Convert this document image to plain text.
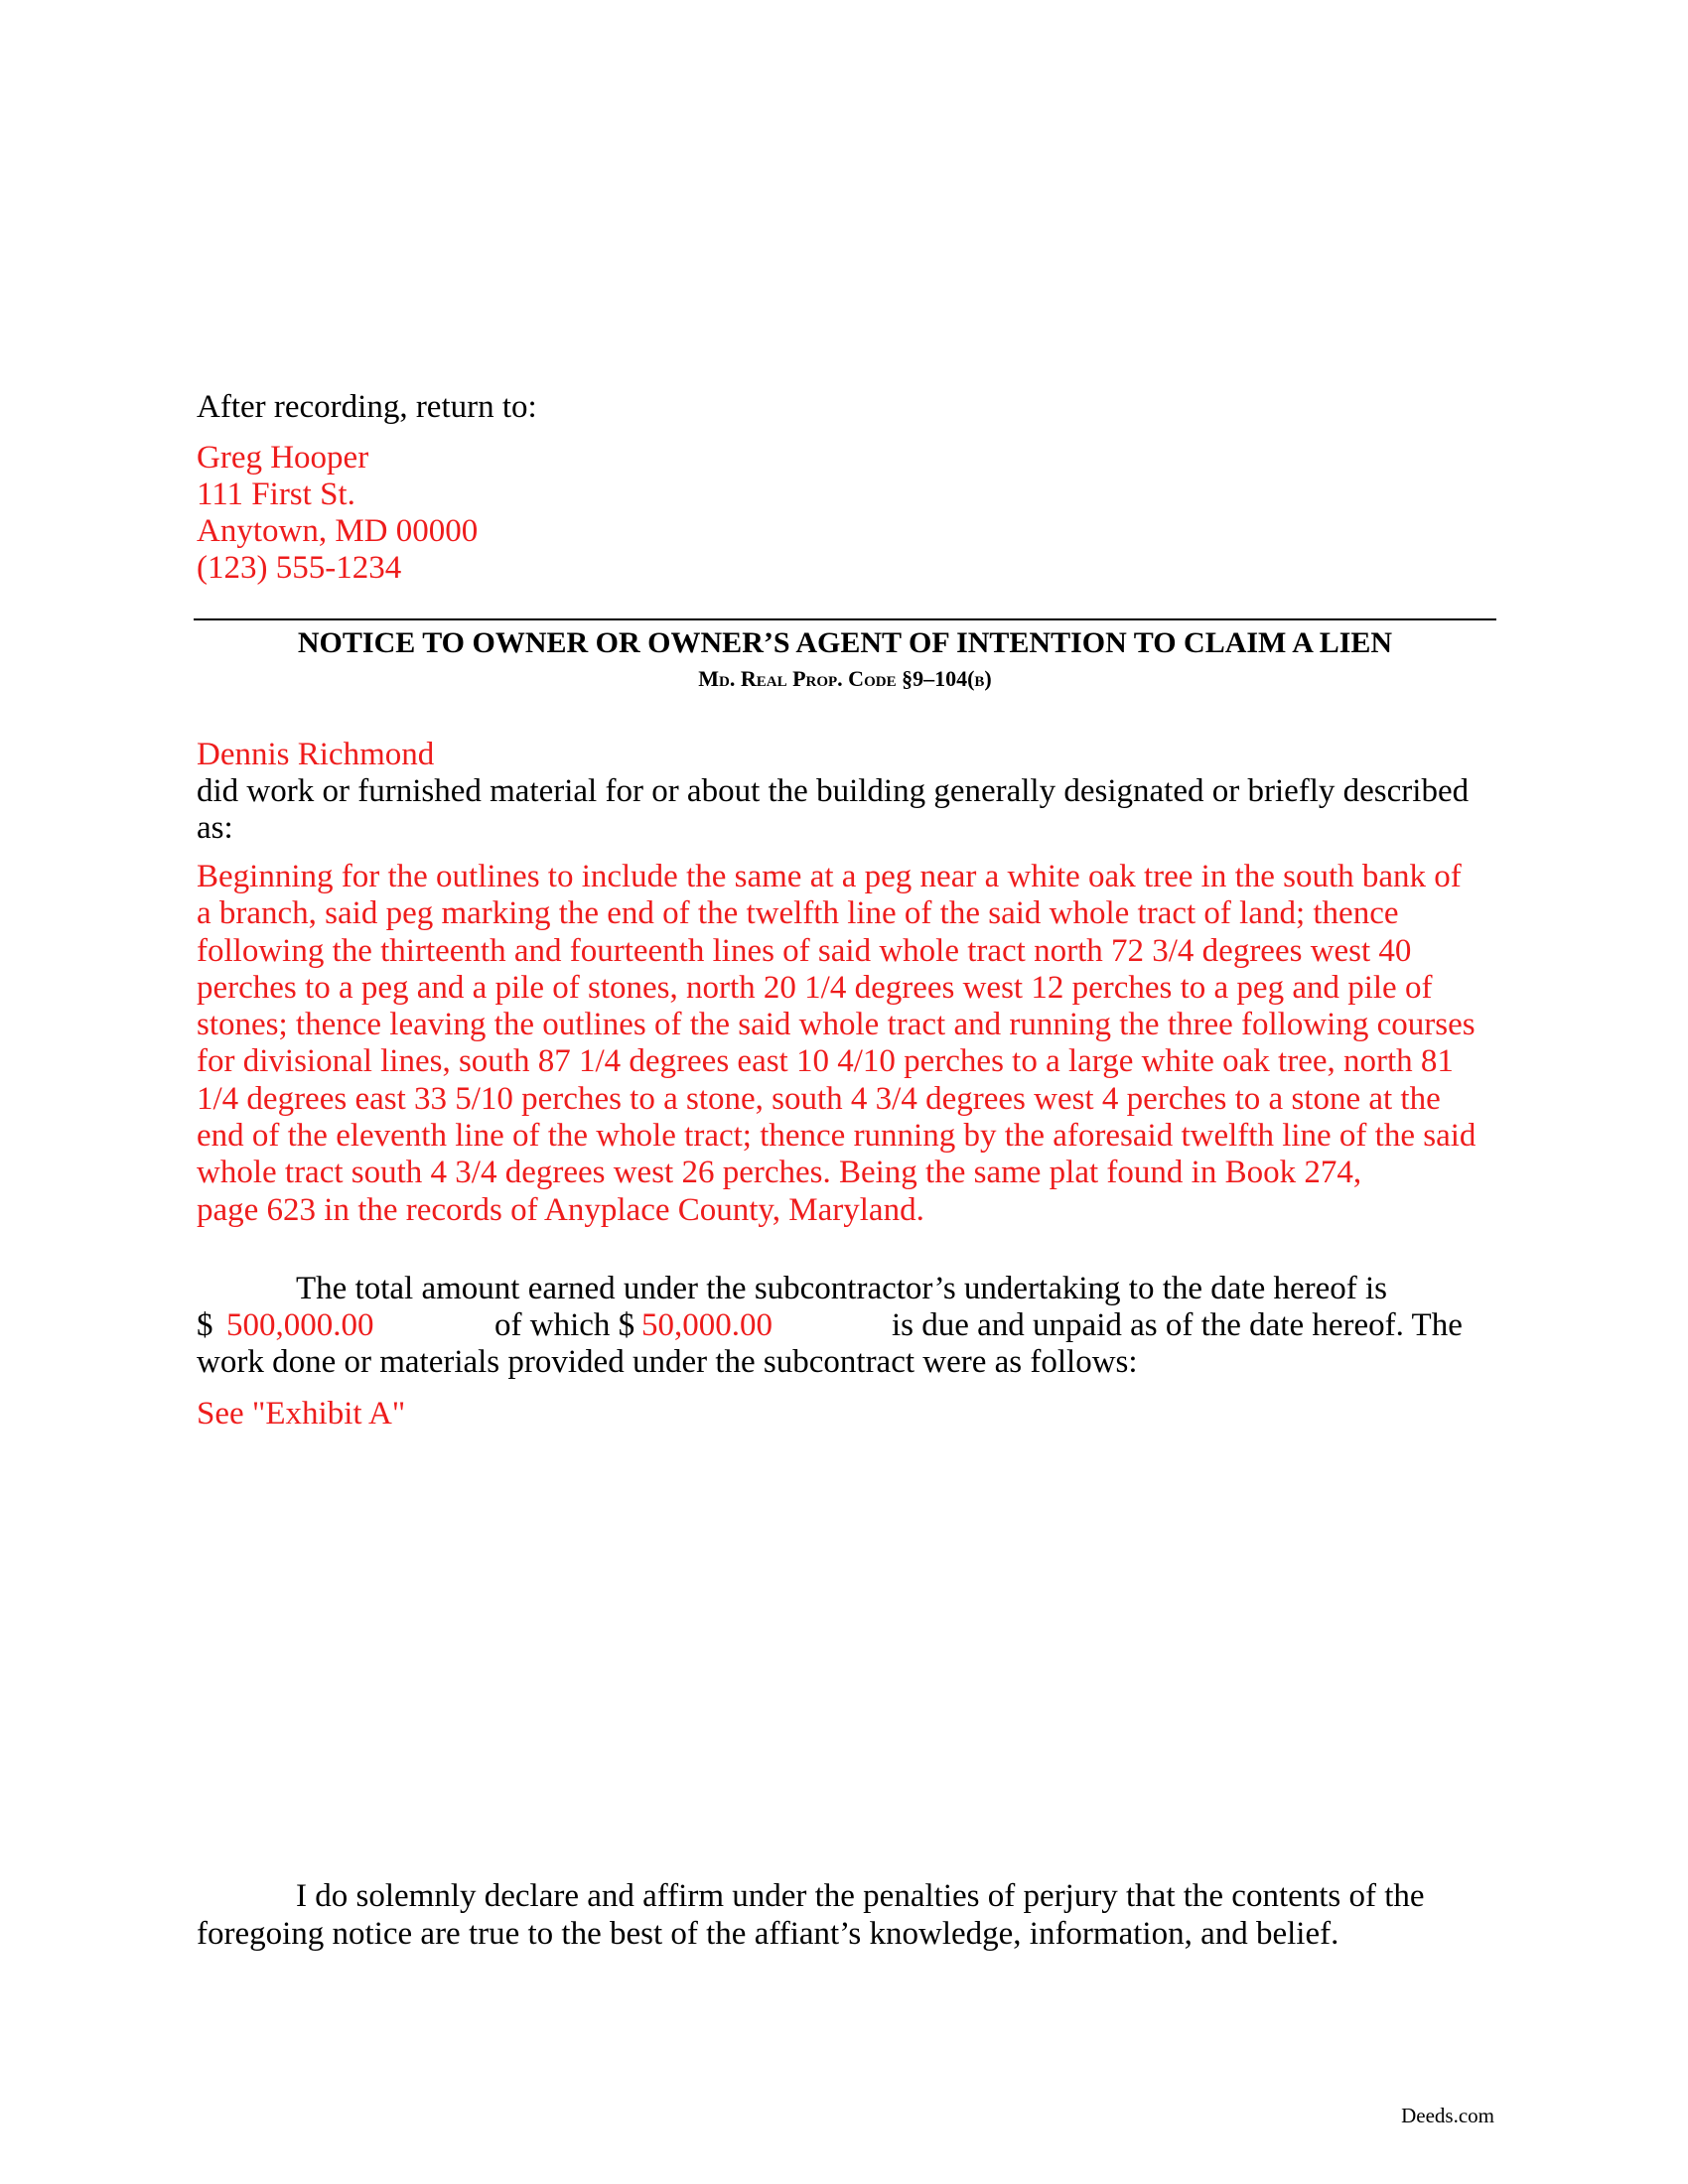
After recording, return to:
Greg Hooper
111 First St.
Anytown, MD 00000
(123) 555-1234
NOTICE TO OWNER OR OWNER’S AGENT OF INTENTION TO CLAIM A LIEN
Md. Real Prop. Code §9–104(b)
Dennis Richmond
did work or furnished material for or about the building generally designated or briefly described
as:
Beginning for the outlines to include the same at a peg near a white oak tree in the south bank of
a branch, said peg marking the end of the twelfth line of the said whole tract of land; thence
following the thirteenth and fourteenth lines of said whole tract north 72 3/4 degrees west 40
perches to a peg and a pile of stones, north 20 1/4 degrees west 12 perches to a peg and pile of
stones; thence leaving the outlines of the said whole tract and running the three following courses
for divisional lines, south 87 1/4 degrees east 10 4/10 perches to a large white oak tree, north 81
1/4 degrees east 33 5/10 perches to a stone, south 4 3/4 degrees west 4 perches to a stone at the
end of the eleventh line of the whole tract; thence running by the aforesaid twelfth line of the said
whole tract south 4 3/4 degrees west 26 perches. Being the same plat found in Book 274,
page 623 in the records of Anyplace County, Maryland.
The total amount earned under the subcontractor’s undertaking to the date hereof is
$ 500,000.00	of which $ 50,000.00	is due and unpaid as of the date hereof. The
work done or materials provided under the subcontract were as follows:
See "Exhibit A"
I do solemnly declare and affirm under the penalties of perjury that the contents of the
foregoing notice are true to the best of the affiant’s knowledge, information, and belief.
Deeds.com
